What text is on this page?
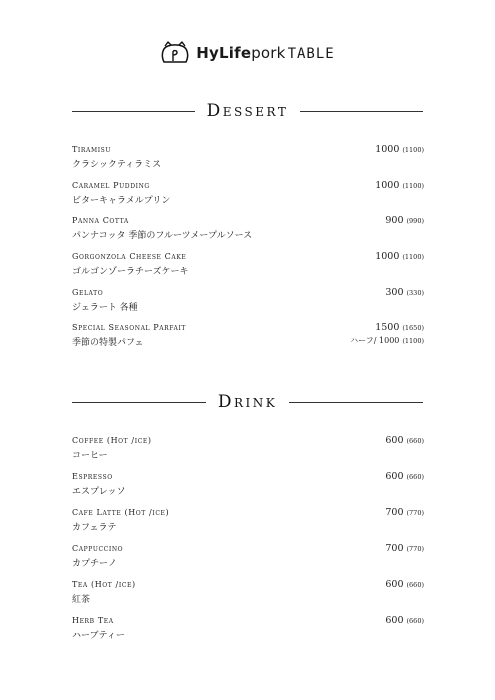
HyLifepork TABLE
Dessert
Tiramisu
クラシックティラミス
1000 (1100)
Caramel Pudding
ビターキャラメルプリン
1000 (1100)
Panna Cotta
パンナコッタ 季節のフルーツメープルソース
900 (990)
Gorgonzola Cheese Cake
ゴルゴンゾーラチーズケーキ
1000 (1100)
Gelato
ジェラート 各種
300 (330)
Special Seasonal Parfait
季節の特製パフェ
1500 (1650)
ハーフ/ 1000 (1100)
Drink
Coffee (Hot /ice)
コーヒー
600 (660)
Espresso
エスプレッソ
600 (660)
Cafe Latte (Hot /ice)
カフェラテ
700 (770)
Cappuccino
カプチーノ
700 (770)
Tea (Hot /ice)
紅茶
600 (660)
Herb Tea
ハーブティー
600 (660)
